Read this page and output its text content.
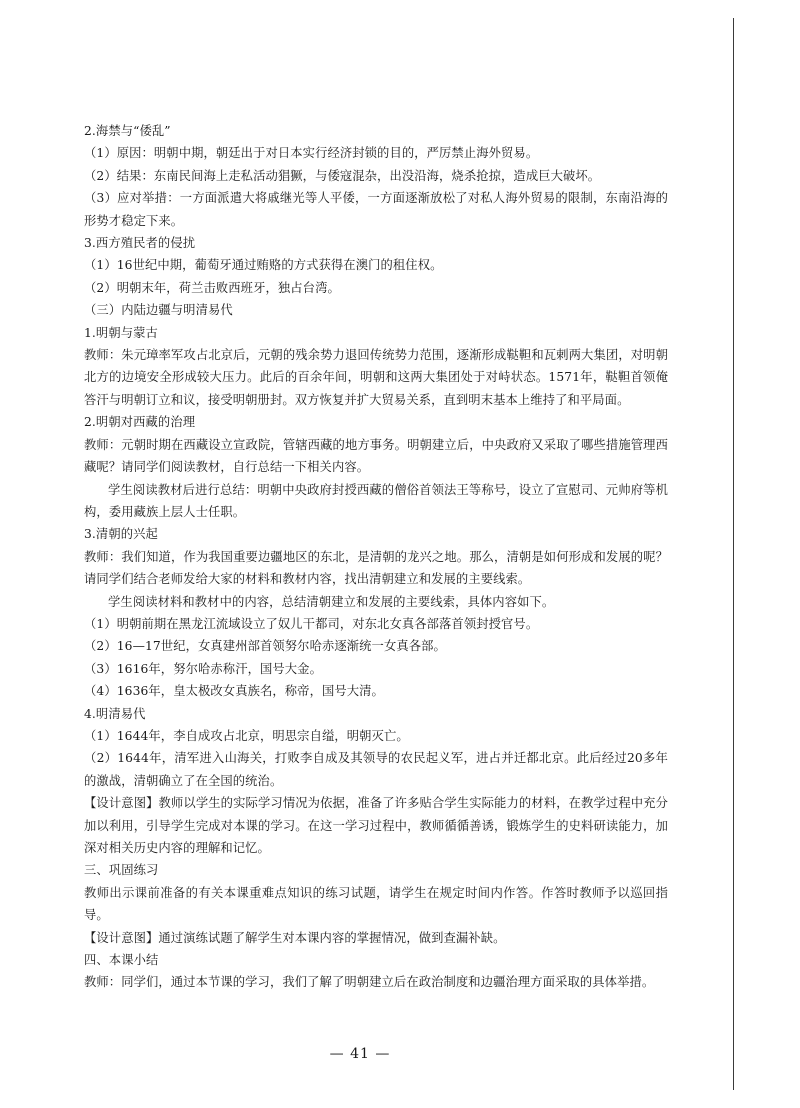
2.海禁与“倭乱”

（1）原因：明朝中期，朝廷出于对日本实行经济封锁的目的，严厉禁止海外贸易。

（2）结果：东南民间海上走私活动猖獗，与倭寇混杂，出没沿海，烧杀抢掠，造成巨大破坏。

（3）应对举措：一方面派遣大将戚继光等人平倭，一方面逐渐放松了对私人海外贸易的限制，东南沿海的形势才稳定下来。

3.西方殖民者的侵扰

（1）16世纪中期，葡萄牙通过贿赂的方式获得在澳门的租住权。

（2）明朝末年，荷兰击败西班牙，独占台湾。

（三）内陆边疆与明清易代

1.明朝与蒙古

教师：朱元璋率军攻占北京后，元朝的残余势力退回传统势力范围，逐渐形成鞑靼和瓦剌两大集团，对明朝北方的边境安全形成较大压力。此后的百余年间，明朝和这两大集团处于对峙状态。1571年，鞑靼首领俺答汗与明朝订立和议，接受明朝册封。双方恢复并扩大贸易关系，直到明末基本上维持了和平局面。

2.明朝对西藏的治理

教师：元朝时期在西藏设立宣政院，管辖西藏的地方事务。明朝建立后，中央政府又采取了哪些措施管理西藏呢？请同学们阅读教材，自行总结一下相关内容。

学生阅读教材后进行总结：明朝中央政府封授西藏的僧俗首领法王等称号，设立了宣慰司、元帅府等机构，委用藏族上层人士任职。

3.清朝的兴起

教师：我们知道，作为我国重要边疆地区的东北，是清朝的龙兴之地。那么，清朝是如何形成和发展的呢？请同学们结合老师发给大家的材料和教材内容，找出清朝建立和发展的主要线索。

学生阅读材料和教材中的内容，总结清朝建立和发展的主要线索，具体内容如下。

（1）明朝前期在黑龙江流域设立了奴儿干都司，对东北女真各部落首领封授官号。

（2）16—17世纪，女真建州部首领努尔哈赤逐渐统一女真各部。

（3）1616年，努尔哈赤称汗，国号大金。

（4）1636年，皇太极改女真族名，称帝，国号大清。

4.明清易代

（1）1644年，李自成攻占北京，明思宗自缢，明朝灭亡。

（2）1644年，清军进入山海关，打败李自成及其领导的农民起义军，进占并迁都北京。此后经过20多年的激战，清朝确立了在全国的统治。

【设计意图】教师以学生的实际学习情况为依据，准备了许多贴合学生实际能力的材料，在教学过程中充分加以利用，引导学生完成对本课的学习。在这一学习过程中，教师循循善诱，锻炼学生的史料研读能力，加深对相关历史内容的理解和记忆。

三、巩固练习

教师出示课前准备的有关本课重难点知识的练习试题，请学生在规定时间内作答。作答时教师予以巡回指导。

【设计意图】通过演练试题了解学生对本课内容的掌握情况，做到查漏补缺。

四、本课小结

教师：同学们，通过本节课的学习，我们了解了明朝建立后在政治制度和边疆治理方面采取的具体举措。

— 41 —
